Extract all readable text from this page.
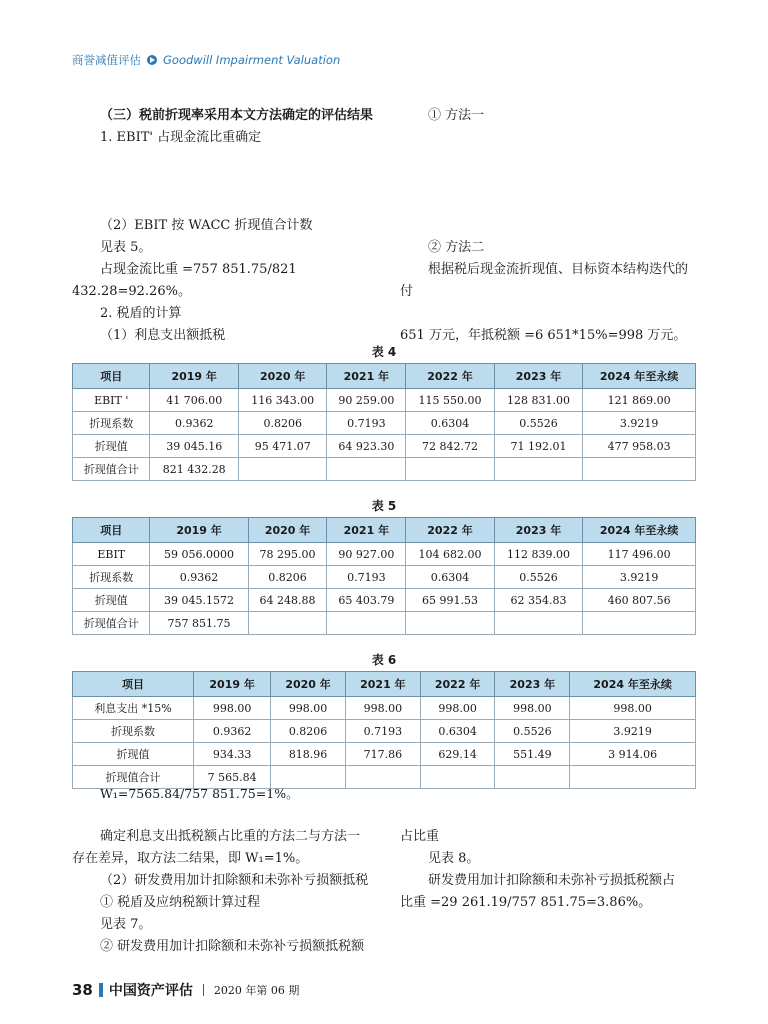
商誉减值评估 Goodwill Impairment Valuation

（三）税前折现率采用本文方法确定的评估结果

1. EBIT' 占现金流比重确定

（2）EBIT 按 WACC 折现值合计数

见表 5。

占现金流比重 =757 851.75/821 432.28=92.26%。

2. 税盾的计算

（1）利息支出额抵税

① 方法一

② 方法二

根据税后现金流折现值、目标资本结构迭代的付

651 万元，年抵税额 =6 651*15%=998 万元。

表 4
项目	2019 年	2020 年	2021 年	2022 年	2023 年	2024 年至永续
EBIT '	41 706.00	116 343.00	90 259.00	115 550.00	128 831.00	121 869.00
折现系数	0.9362	0.8206	0.7193	0.6304	0.5526	3.9219
折现值	39 045.16	95 471.07	64 923.30	72 842.72	71 192.01	477 958.03
折现值合计	821 432.28					
表 5
项目	2019 年	2020 年	2021 年	2022 年	2023 年	2024 年至永续
EBIT	59 056.0000	78 295.00	90 927.00	104 682.00	112 839.00	117 496.00
折现系数	0.9362	0.8206	0.7193	0.6304	0.5526	3.9219
折现值	39 045.1572	64 248.88	65 403.79	65 991.53	62 354.83	460 807.56
折现值合计	757 851.75					
表 6
项目	2019 年	2020 年	2021 年	2022 年	2023 年	2024 年至永续
利息支出 *15%	998.00	998.00	998.00	998.00	998.00	998.00
折现系数	0.9362	0.8206	0.7193	0.6304	0.5526	3.9219
折现值	934.33	818.96	717.86	629.14	551.49	3 914.06
折现值合计	7 565.84					
W₁=7565.84/757 851.75=1%。

确定利息支出抵税额占比重的方法二与方法一

存在差异，取方法二结果，即 W₁=1%。

（2）研发费用加计扣除额和未弥补亏损额抵税

① 税盾及应纳税额计算过程

见表 7。

② 研发费用加计扣除额和未弥补亏损额抵税额

占比重

见表 8。

研发费用加计扣除额和未弥补亏损抵税额占

比重 =29 261.19/757 851.75=3.86%。

38 中国资产评估 2020 年第 06 期
